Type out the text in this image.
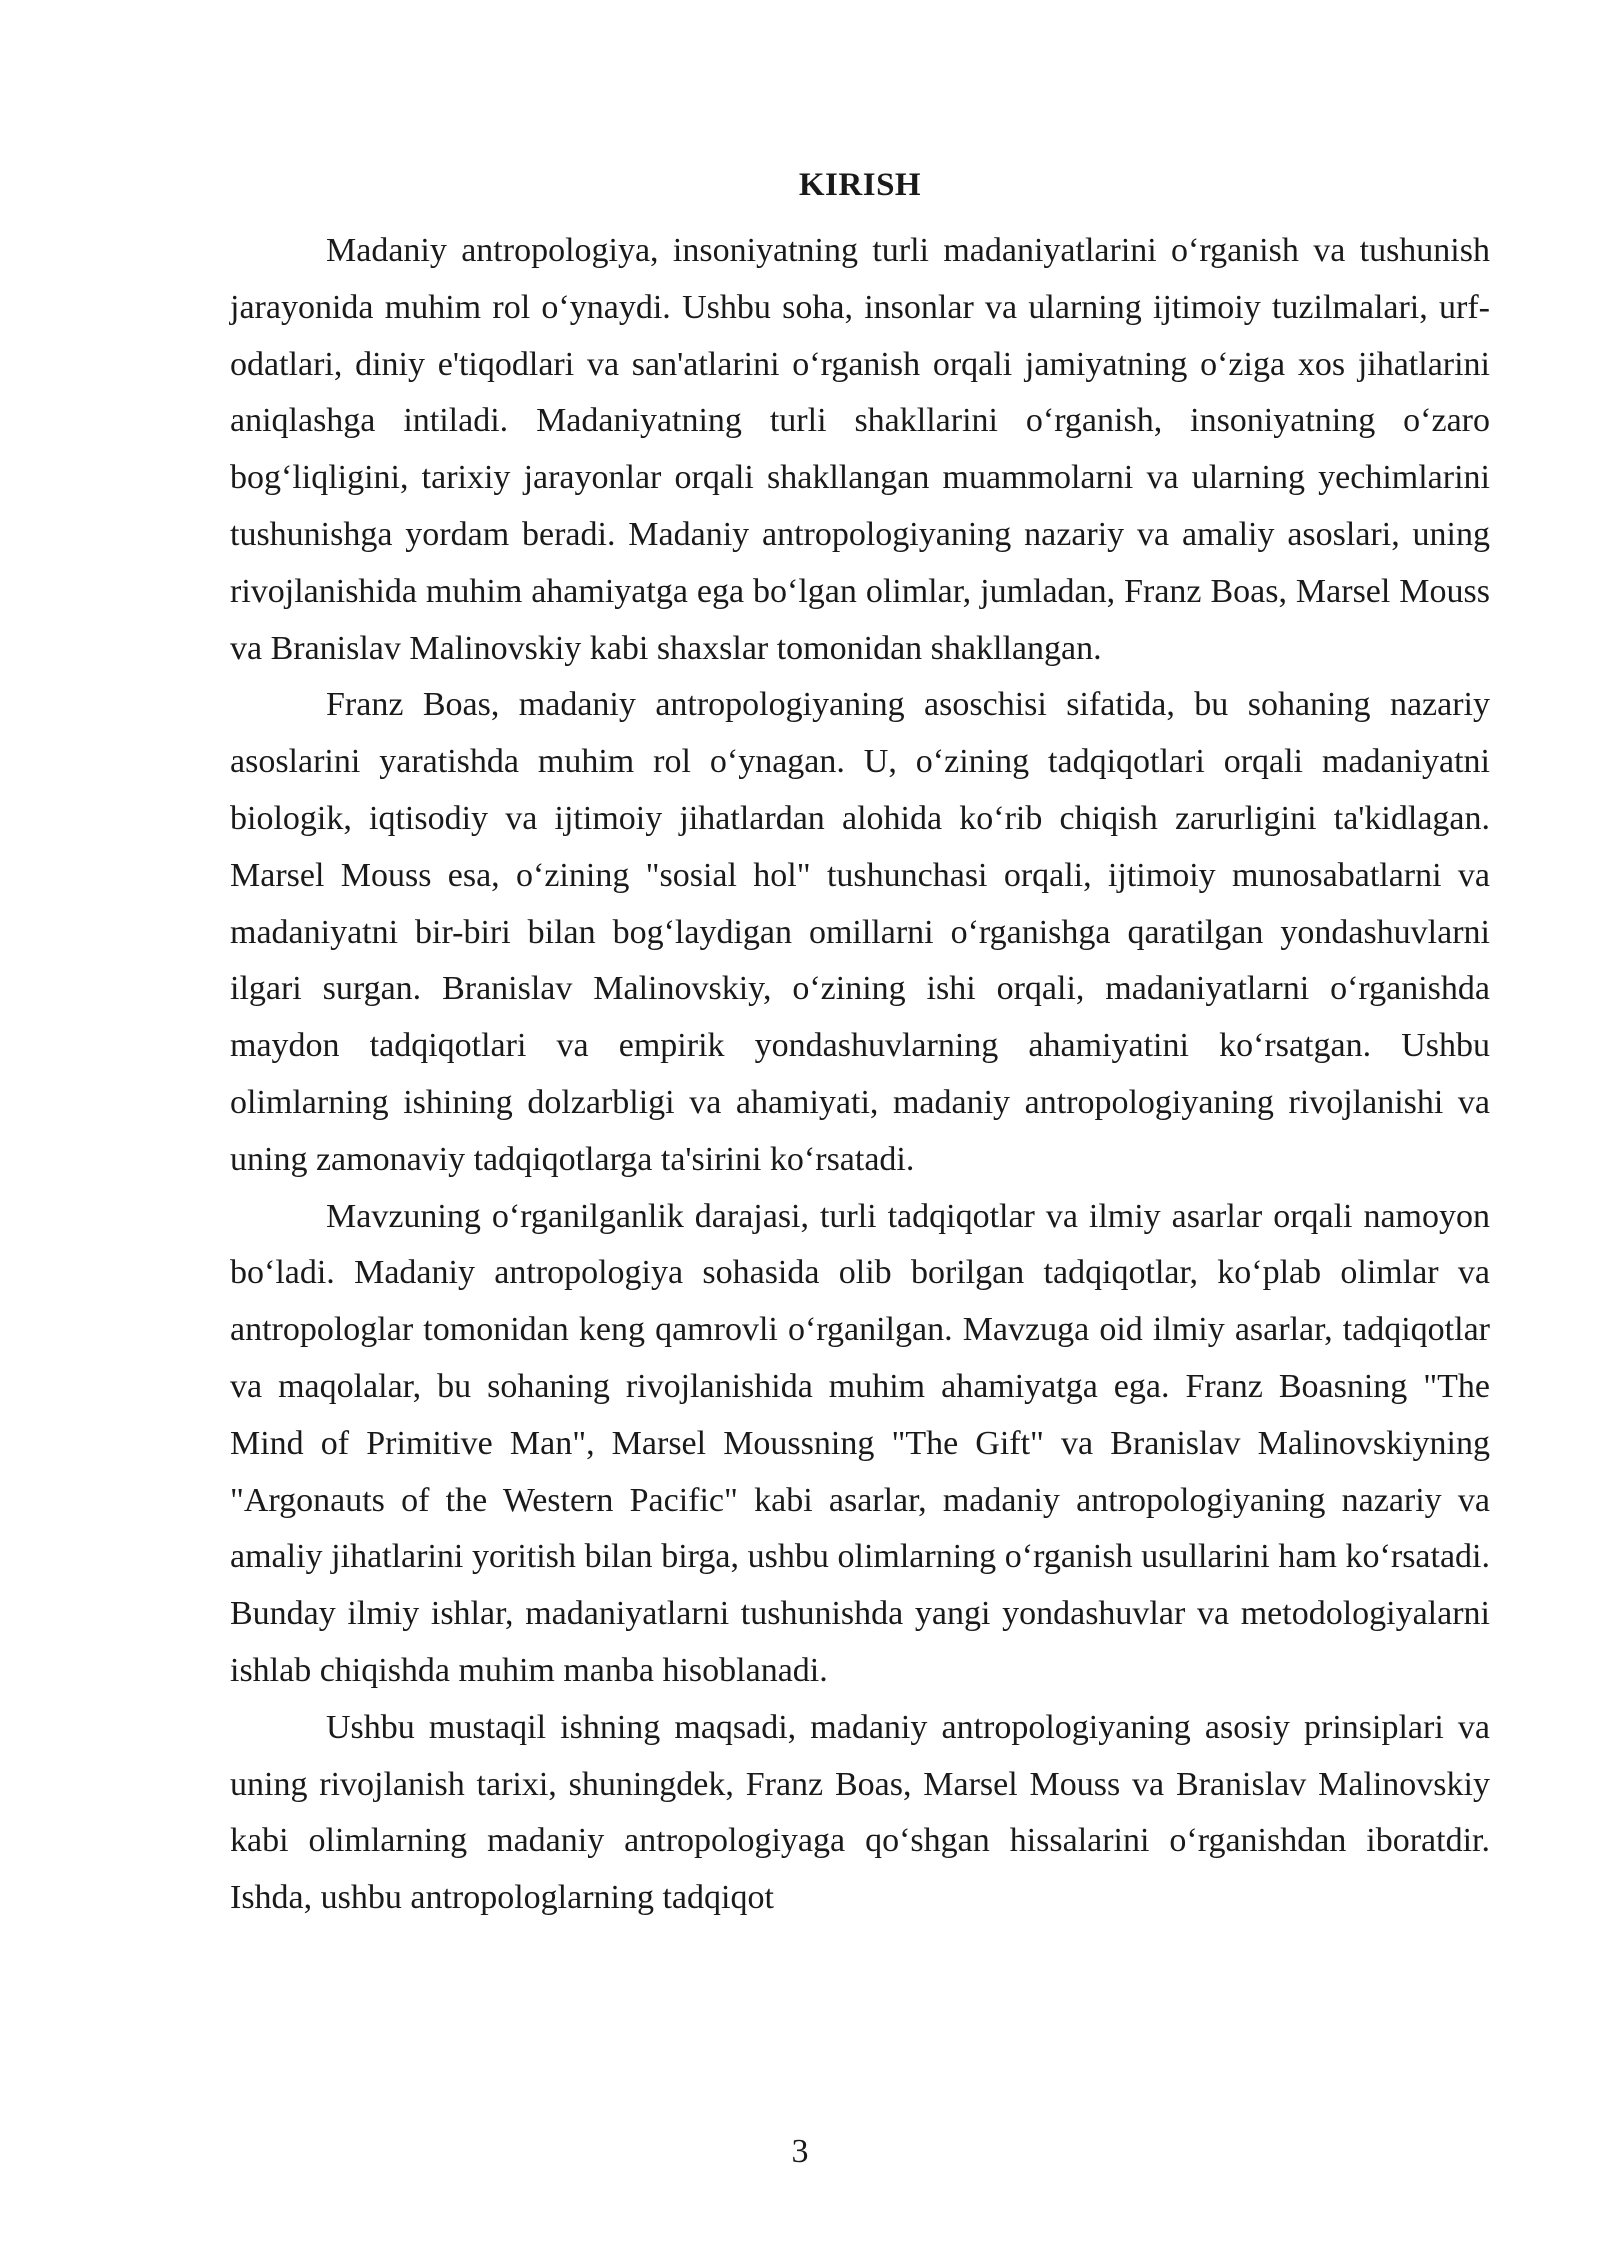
KIRISH

Madaniy antropologiya, insoniyatning turli madaniyatlarini o‘rganish va tushunish jarayonida muhim rol o‘ynaydi. Ushbu soha, insonlar va ularning ijtimoiy tuzilmalari, urf-odatlari, diniy e'tiqodlari va san'atlarini o‘rganish orqali jamiyatning o‘ziga xos jihatlarini aniqlashga intiladi. Madaniyatning turli shakllarini o‘rganish, insoniyatning o‘zaro bog‘liqligini, tarixiy jarayonlar orqali shakllangan muammolarni va ularning yechimlarini tushunishga yordam beradi. Madaniy antropologiyaning nazariy va amaliy asoslari, uning rivojlanishida muhim ahamiyatga ega bo‘lgan olimlar, jumladan, Franz Boas, Marsel Mouss va Branislav Malinovskiy kabi shaxslar tomonidan shakllangan.

Franz Boas, madaniy antropologiyaning asoschisi sifatida, bu sohaning nazariy asoslarini yaratishda muhim rol o‘ynagan. U, o‘zining tadqiqotlari orqali madaniyatni biologik, iqtisodiy va ijtimoiy jihatlardan alohida ko‘rib chiqish zarurligini ta'kidlagan. Marsel Mouss esa, o‘zining "sosial hol" tushunchasi orqali, ijtimoiy munosabatlarni va madaniyatni bir-biri bilan bog‘laydigan omillarni o‘rganishga qaratilgan yondashuvlarni ilgari surgan. Branislav Malinovskiy, o‘zining ishi orqali, madaniyatlarni o‘rganishda maydon tadqiqotlari va empirik yondashuvlarning ahamiyatini ko‘rsatgan. Ushbu olimlarning ishining dolzarbligi va ahamiyati, madaniy antropologiyaning rivojlanishi va uning zamonaviy tadqiqotlarga ta'sirini ko‘rsatadi.

Mavzuning o‘rganilganlik darajasi, turli tadqiqotlar va ilmiy asarlar orqali namoyon bo‘ladi. Madaniy antropologiya sohasida olib borilgan tadqiqotlar, ko‘plab olimlar va antropologlar tomonidan keng qamrovli o‘rganilgan. Mavzuga oid ilmiy asarlar, tadqiqotlar va maqolalar, bu sohaning rivojlanishida muhim ahamiyatga ega. Franz Boasning "The Mind of Primitive Man", Marsel Moussning "The Gift" va Branislav Malinovskiyning "Argonauts of the Western Pacific" kabi asarlar, madaniy antropologiyaning nazariy va amaliy jihatlarini yoritish bilan birga, ushbu olimlarning o‘rganish usullarini ham ko‘rsatadi. Bunday ilmiy ishlar, madaniyatlarni tushunishda yangi yondashuvlar va metodologiyalarni ishlab chiqishda muhim manba hisoblanadi.

Ushbu mustaqil ishning maqsadi, madaniy antropologiyaning asosiy prinsiplari va uning rivojlanish tarixi, shuningdek, Franz Boas, Marsel Mouss va Branislav Malinovskiy kabi olimlarning madaniy antropologiyaga qo‘shgan hissalarini o‘rganishdan iboratdir. Ishda, ushbu antropologlarning tadqiqot

3
